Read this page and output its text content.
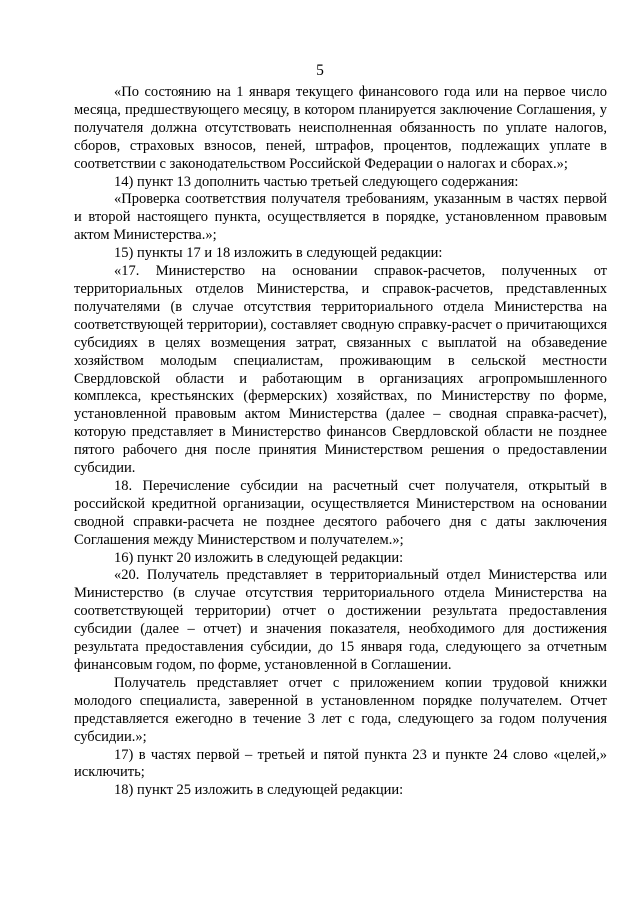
5

«По состоянию на 1 января текущего финансового года или на первое число месяца, предшествующего месяцу, в котором планируется заключение Соглашения, у получателя должна отсутствовать неисполненная обязанность по уплате налогов, сборов, страховых взносов, пеней, штрафов, процентов, подлежащих уплате в соответствии с законодательством Российской Федерации о налогах и сборах.»;

14) пункт 13 дополнить частью третьей следующего содержания:

«Проверка соответствия получателя требованиям, указанным в частях первой и второй настоящего пункта, осуществляется в порядке, установленном правовым актом Министерства.»;

15) пункты 17 и 18 изложить в следующей редакции:

«17. Министерство на основании справок-расчетов, полученных от территориальных отделов Министерства, и справок-расчетов, представленных получателями (в случае отсутствия территориального отдела Министерства на соответствующей территории), составляет сводную справку-расчет о причитающихся субсидиях в целях возмещения затрат, связанных с выплатой на обзаведение хозяйством молодым специалистам, проживающим в сельской местности Свердловской области и работающим в организациях агропромышленного комплекса, крестьянских (фермерских) хозяйствах, по Министерству по форме, установленной правовым актом Министерства (далее – сводная справка-расчет), которую представляет в Министерство финансов Свердловской области не позднее пятого рабочего дня после принятия Министерством решения о предоставлении субсидии.

18. Перечисление субсидии на расчетный счет получателя, открытый в российской кредитной организации, осуществляется Министерством на основании сводной справки-расчета не позднее десятого рабочего дня с даты заключения Соглашения между Министерством и получателем.»;

16) пункт 20 изложить в следующей редакции:

«20. Получатель представляет в территориальный отдел Министерства или Министерство (в случае отсутствия территориального отдела Министерства на соответствующей территории) отчет о достижении результата предоставления субсидии (далее – отчет) и значения показателя, необходимого для достижения результата предоставления субсидии, до 15 января года, следующего за отчетным финансовым годом, по форме, установленной в Соглашении.

Получатель представляет отчет с приложением копии трудовой книжки молодого специалиста, заверенной в установленном порядке получателем. Отчет представляется ежегодно в течение 3 лет с года, следующего за годом получения субсидии.»;

17) в частях первой – третьей и пятой пункта 23 и пункте 24 слово «целей,» исключить;

18) пункт 25 изложить в следующей редакции:
